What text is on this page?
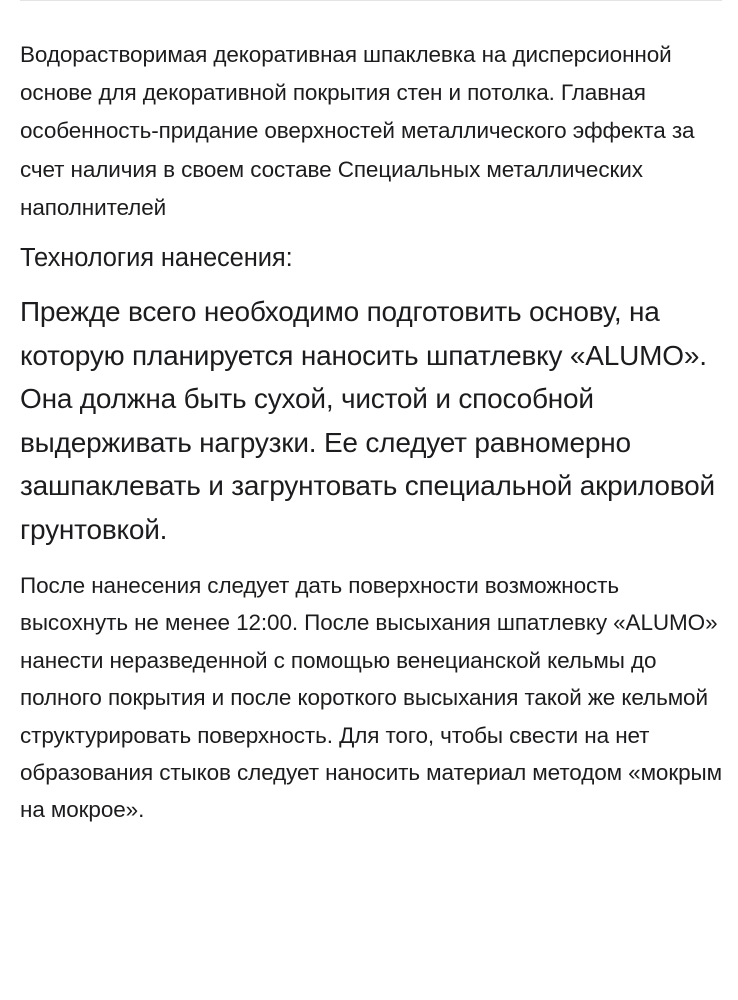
Водорастворимая декоративная шпаклевка на дисперсионной основе для декоративной покрытия стен и потолка. Главная особенность-придание оверхностей металлического эффекта за счет наличия в своем составе Специальных металлических наполнителей

Технология нанесения:

Прежде всего необходимо подготовить основу, на которую планируется наносить шпатлевку «ALUMO». Она должна быть сухой, чистой и способной выдерживать нагрузки. Ее следует равномерно зашпаклевать и загрунтовать специальной акриловой грунтовкой.

После нанесения следует дать поверхности возможность высохнуть не менее 12:00. После высыхания шпатлевку «ALUMO» нанести неразведенной с помощью венецианской кельмы до полного покрытия и после короткого высыхания такой же кельмой структурировать поверхность. Для того, чтобы свести на нет образования стыков следует наносить материал методом «мокрым на мокрое».
